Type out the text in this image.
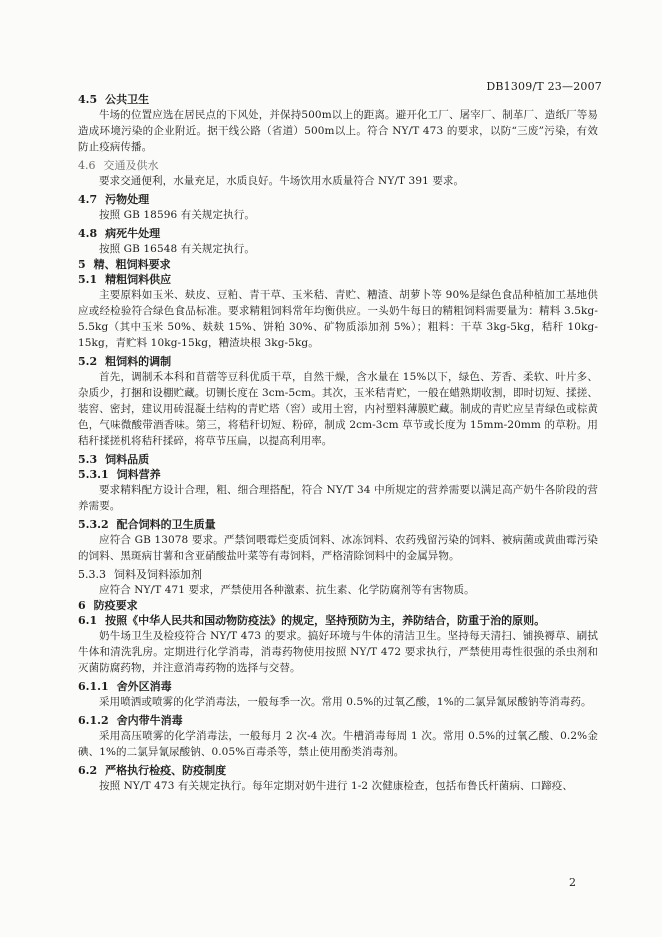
DB1309/T 23—2007
4.5 公共卫生

牛场的位置应选在居民点的下风处，并保持500m以上的距离。避开化工厂、屠宰厂、制革厂、造纸厂等易造成环境污染的企业附近。据干线公路（省道）500m以上。符合 NY/T 473 的要求，以防“三废”污染，有效防止疫病传播。

4.6 交通及供水

要求交通便利，水量充足，水质良好。牛场饮用水质量符合 NY/T 391 要求。

4.7 污物处理

按照 GB 18596 有关规定执行。

4.8 病死牛处理

按照 GB 16548 有关规定执行。

5 精、粗饲料要求
5.1 精粗饲料供应

主要原料如玉米、麸皮、豆粕、青干草、玉米秸、青贮、糟渣、胡萝卜等 90%是绿色食品种植加工基地供应或经检验符合绿色食品标准。要求精粗饲料常年均衡供应。一头奶牛每日的精粗饲料需要量为：精料 3.5kg-5.5kg（其中玉米 50%、麸麸 15%、饼粕 30%、矿物质添加剂 5%）；粗料：干草 3kg-5kg，秸秆 10kg-15kg，青贮料 10kg-15kg，糟渣块根 3kg-5kg。

5.2 粗饲料的调制

首先，调制禾本科和苜蓿等豆科优质干草，自然干燥，含水量在 15%以下，绿色、芳香、柔软、叶片多、杂质少，打捆和设棚贮藏。切铡长度在 3cm-5cm。其次，玉米秸青贮，一般在蜡熟期收割，即时切短、揉搓、装窖、密封，建议用砖混凝土结构的青贮塔（窖）或用土窖，内衬塑料薄膜贮藏。制成的青贮应呈青绿色或棕黄色，气味微酸带酒香味。第三，将秸秆切短、粉碎，制成 2cm-3cm 草节或长度为 15mm-20mm 的草粉。用秸秆揉搓机将秸秆揉碎，将草节压扁，以提高利用率。

5.3 饲料品质
5.3.1 饲料营养

要求精料配方设计合理，粗、细合理搭配，符合 NY/T 34 中所规定的营养需要以满足高产奶牛各阶段的营养需要。

5.3.2 配合饲料的卫生质量

应符合 GB 13078 要求。严禁饲喂霉烂变质饲料、冰冻饲料、农药残留污染的饲料、被病菌或黄曲霉污染的饲料、黑斑病甘薯和含亚硝酸盐叶菜等有毒饲料，严格清除饲料中的金属异物。

5.3.3 饲料及饲料添加剂

应符合 NY/T 471 要求，严禁使用各种激素、抗生素、化学防腐剂等有害物质。

6 防疫要求
6.1 按照《中华人民共和国动物防疫法》的规定，坚持预防为主，养防结合，防重于治的原则。

奶牛场卫生及检疫符合 NY/T 473 的要求。搞好环境与牛体的清洁卫生。坚持每天清扫、铺换褥草、刷拭牛体和清洗乳房。定期进行化学消毒，消毒药物使用按照 NY/T 472 要求执行，严禁使用毒性很强的杀虫剂和灭菌防腐药物，并注意消毒药物的选择与交替。

6.1.1 舍外区消毒

采用喷洒或喷雾的化学消毒法，一般每季一次。常用 0.5%的过氧乙酸，1%的二氯异氰尿酸钠等消毒药。

6.1.2 舍内带牛消毒

采用高压喷雾的化学消毒法，一般每月 2 次-4 次。牛槽消毒每周 1 次。常用 0.5%的过氧乙酸、0.2%金碘、1%的二氯异氰尿酸钠、0.05%百毒杀等，禁止使用酚类消毒剂。

6.2 严格执行检疫、防疫制度

按照 NY/T 473 有关规定执行。每年定期对奶牛进行 1-2 次健康检查，包括布鲁氏杆菌病、口蹄疫、

2
